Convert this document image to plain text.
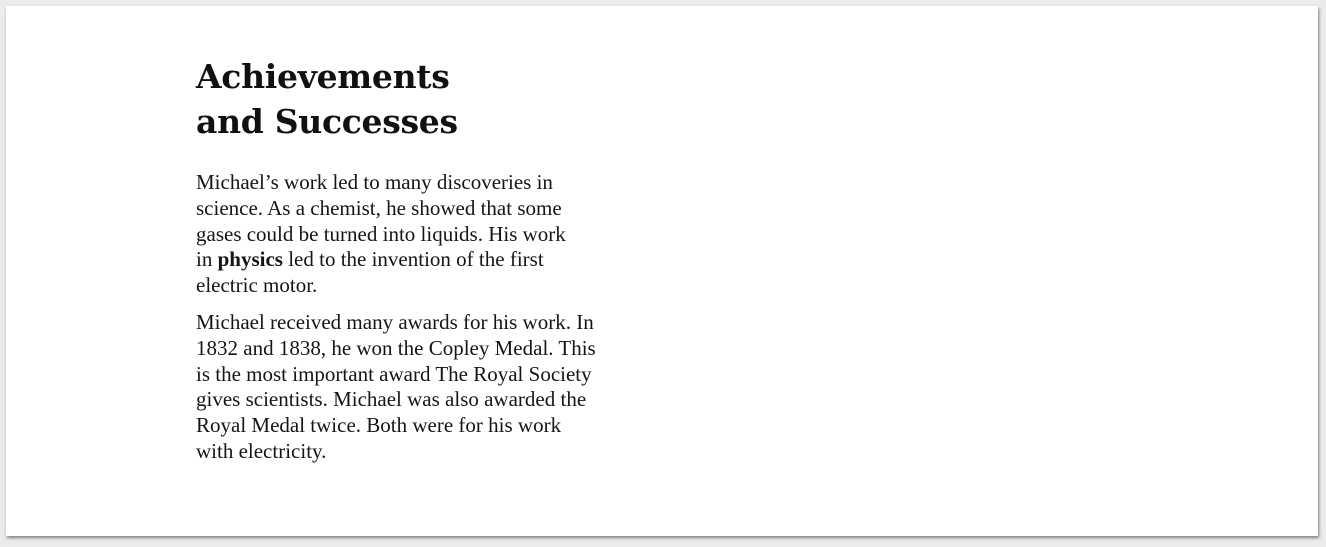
Achievements
and Successes

Michael’s work led to many discoveries in
science. As a chemist, he showed that some
gases could be turned into liquids. His work
in physics led to the invention of the first
electric motor.

Michael received many awards for his work. In
1832 and 1838, he won the Copley Medal. This
is the most important award The Royal Society
gives scientists. Michael was also awarded the
Royal Medal twice. Both were for his work
with electricity.
